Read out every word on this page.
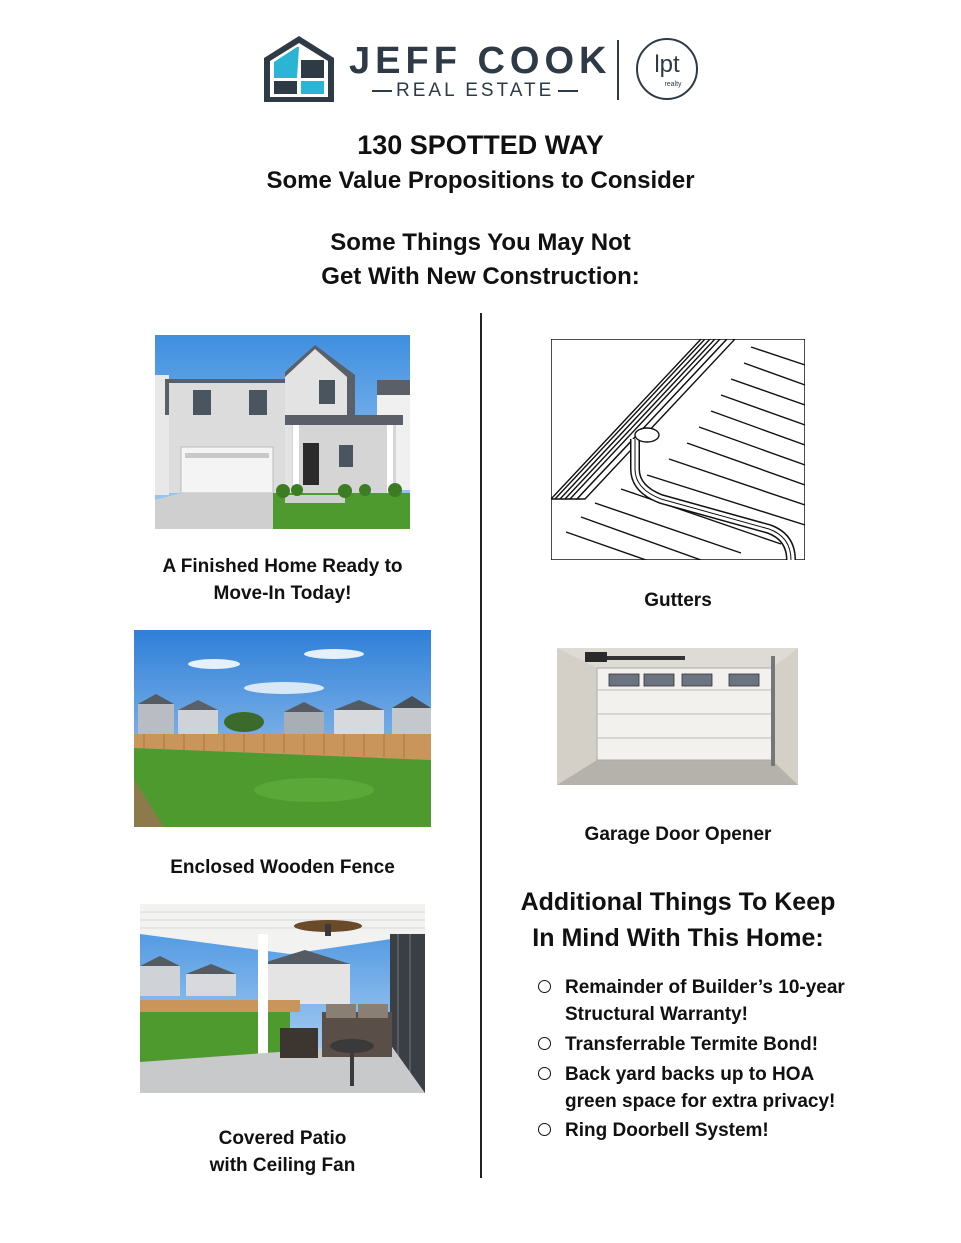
JEFF COOK
REAL ESTATE
lpt
realty
130 SPOTTED WAY
Some Value Propositions to Consider
Some Things You May Not
Get With New Construction:
A Finished Home Ready to
Move-In Today!
Enclosed Wooden Fence
Covered Patio
with Ceiling Fan
Gutters
Garage Door Opener
Additional Things To Keep
In Mind With This Home:
Remainder of Builder’s 10-year
Structural Warranty!
Transferrable Termite Bond!
Back yard backs up to HOA
green space for extra privacy!
Ring Doorbell System!
